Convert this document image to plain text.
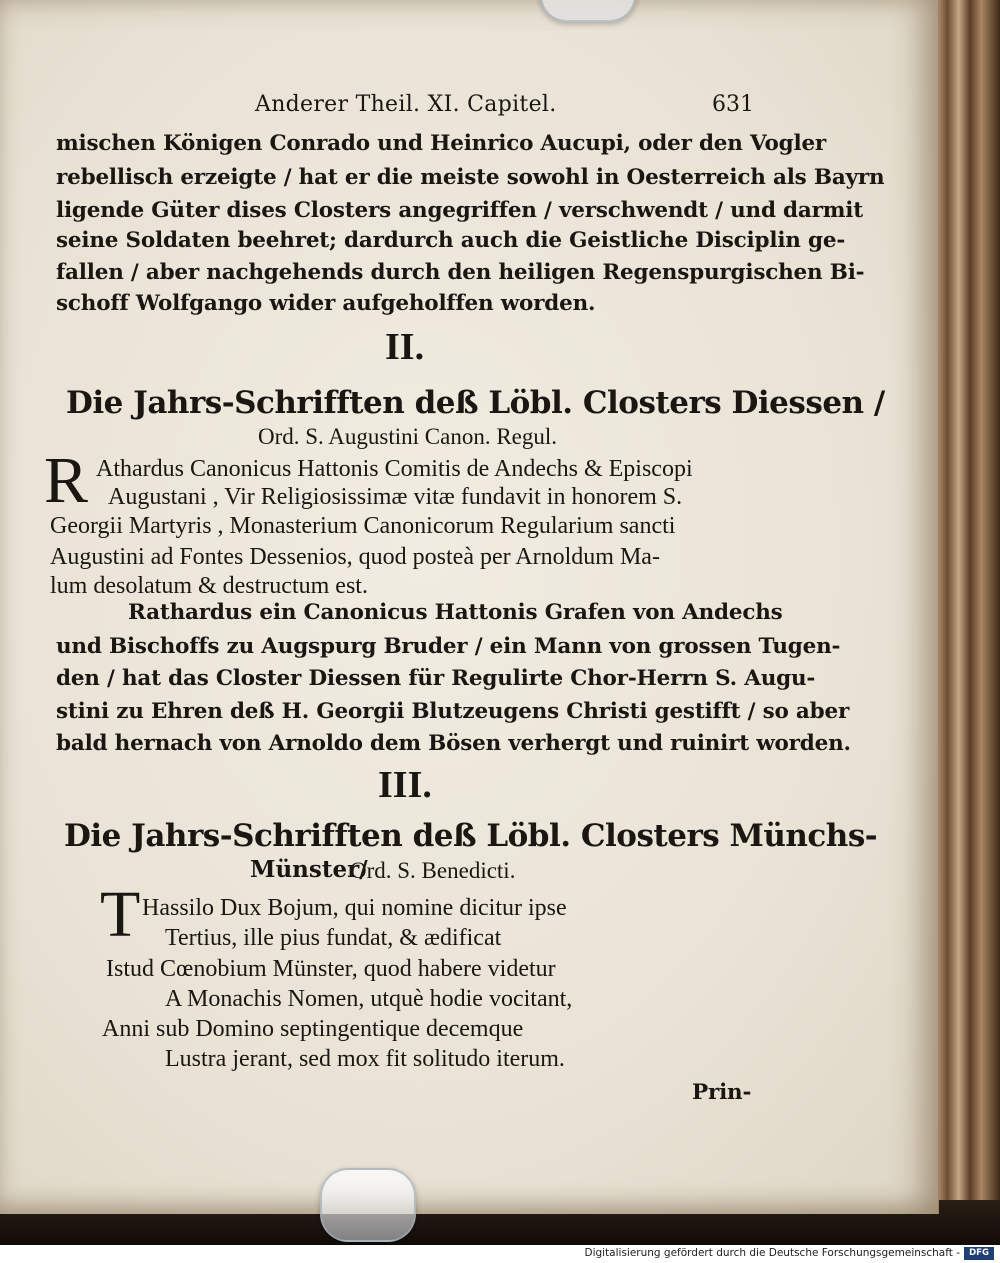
Anderer Theil. XI. Capitel.	631
mischen Königen Conrado und Heinrico Aucupi, oder den Vogler
rebellisch erzeigte / hat er die meiste sowohl in Oesterreich als Bayrn
ligende Güter dises Closters angegriffen / verschwendt / und darmit
seine Soldaten beehret; dardurch auch die Geistliche Disciplin ge-
fallen / aber nachgehends durch den heiligen Regenspurgischen Bi-
schoff Wolfgango wider aufgeholffen worden.
II.
Die Jahrs-Schrifften deß Löbl. Closters Diessen /
Ord. S. Augustini Canon. Regul.
R Athardus Canonicus Hattonis Comitis de Andechs & Episcopi
Augustani , Vir Religiosissimæ vitæ fundavit in honorem S.
Georgii Martyris , Monasterium Canonicorum Regularium sancti
Augustini ad Fontes Dessenios, quod posteà per Arnoldum Ma-
lum desolatum & destructum est.
Rathardus ein Canonicus Hattonis Grafen von Andechs
und Bischoffs zu Augspurg Bruder / ein Mann von grossen Tugen-
den / hat das Closter Diessen für Regulirte Chor-Herrn S. Augu-
stini zu Ehren deß H. Georgii Blutzeugens Christi gestifft / so aber
bald hernach von Arnoldo dem Bösen verhergt und ruinirt worden.
III.
Die Jahrs-Schrifften deß Löbl. Closters Münchs-
Münster/
Ord. S. Benedicti.
T Hassilo Dux Bojum, qui nomine dicitur ipse
Tertius, ille pius fundat, & ædificat
Istud Cœnobium Münster, quod habere videtur
A Monachis Nomen, utquè hodie vocitant,
Anni sub Domino septingentique decemque
Lustra jerant, sed mox fit solitudo iterum.
Prin-
Digitalisierung gefördert durch die Deutsche Forschungsgemeinschaft -	DFG
